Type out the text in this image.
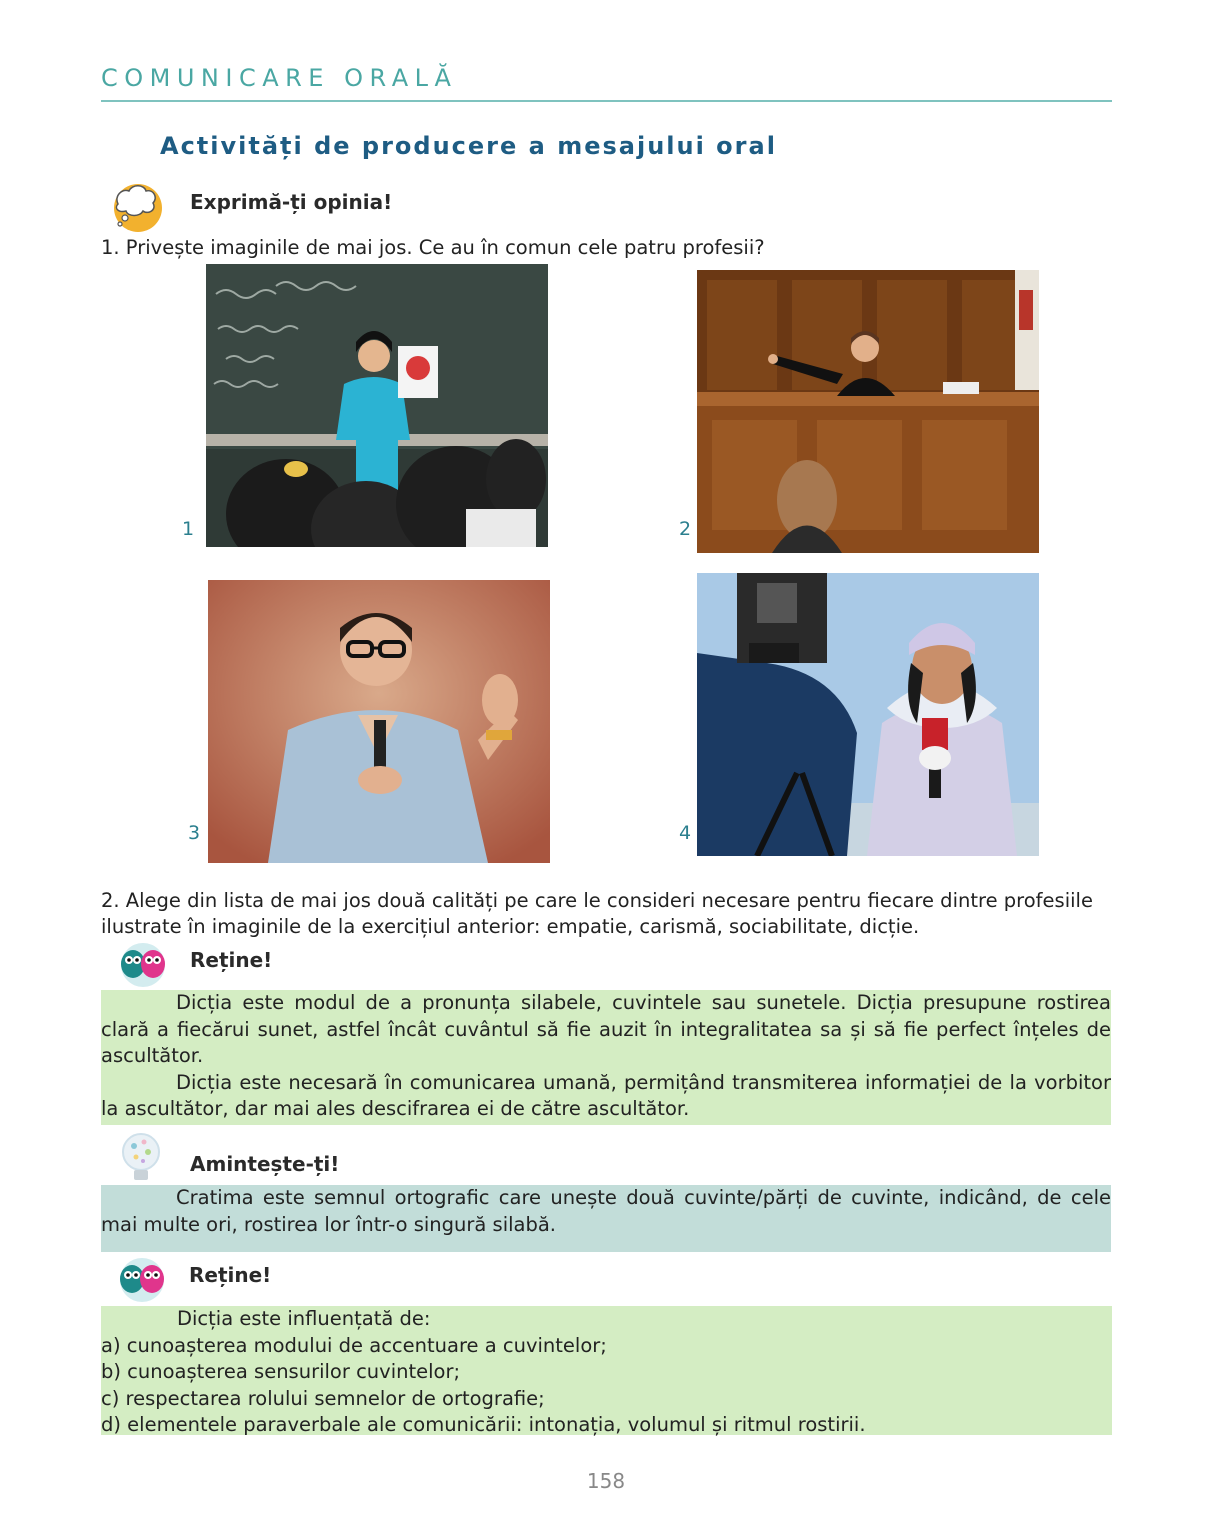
COMUNICARE ORALĂ
Activități de producere a mesajului oral
Exprimă-ți opinia!
1. Privește imaginile de mai jos. Ce au în comun cele patru profesii?
1	2
3	4

2. Alege din lista de mai jos două calități pe care le consideri necesare pentru fiecare dintre profesiile ilustrate în imaginile de la exercițiul anterior: empatie, carismă, sociabilitate, dicție.

Reține!

Dicția este modul de a pronunța silabele, cuvintele sau sunetele. Dicția presupune rostirea clară a fiecărui sunet, astfel încât cuvântul să fie auzit în integralitatea sa și să fie perfect înțeles de ascultător.

Dicția este necesară în comunicarea umană, permițând transmiterea informației de la vorbitor la ascultător, dar mai ales descifrarea ei de către ascultător.

Amintește-ți!

Cratima este semnul ortografic care unește două cuvinte/părți de cuvinte, indicând, de cele mai multe ori, rostirea lor într-o singură silabă.

Reține!

Dicția este influențată de:

a) cunoașterea modului de accentuare a cuvintelor;

b) cunoașterea sensurilor cuvintelor;

c) respectarea rolului semnelor de ortografie;

d) elementele paraverbale ale comunicării: intonația, volumul și ritmul rostirii.

158
